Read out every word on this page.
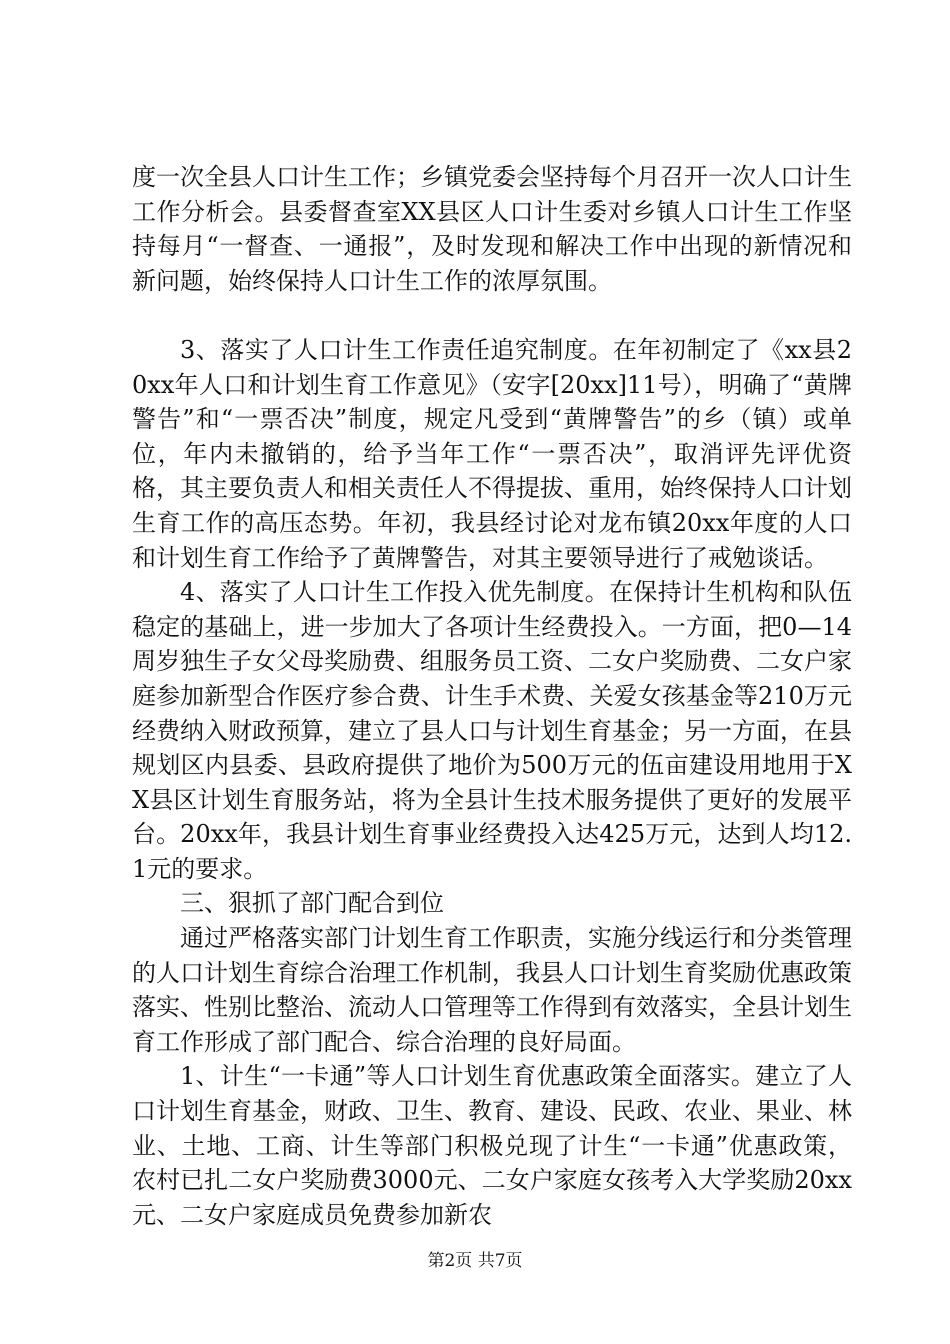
度一次全县人口计生工作；乡镇党委会坚持每个月召开一次人口计生工作分析会。县委督查室XX县区人口计生委对乡镇人口计生工作坚持每月“一督查、一通报”，及时发现和解决工作中出现的新情况和新问题，始终保持人口计生工作的浓厚氛围。

3、落实了人口计生工作责任追究制度。在年初制定了《xx县20xx年人口和计划生育工作意见》（安字[20xx]11号），明确了“黄牌警告”和“一票否决”制度，规定凡受到“黄牌警告”的乡（镇）或单位，年内未撤销的，给予当年工作“一票否决”，取消评先评优资格，其主要负责人和相关责任人不得提拔、重用，始终保持人口计划生育工作的高压态势。年初，我县经讨论对龙布镇20xx年度的人口和计划生育工作给予了黄牌警告，对其主要领导进行了戒勉谈话。

4、落实了人口计生工作投入优先制度。在保持计生机构和队伍稳定的基础上，进一步加大了各项计生经费投入。一方面，把0—14周岁独生子女父母奖励费、组服务员工资、二女户奖励费、二女户家庭参加新型合作医疗参合费、计生手术费、关爱女孩基金等210万元经费纳入财政预算，建立了县人口与计划生育基金；另一方面，在县规划区内县委、县政府提供了地价为500万元的伍亩建设用地用于XX县区计划生育服务站，将为全县计生技术服务提供了更好的发展平台。20xx年，我县计划生育事业经费投入达425万元，达到人均12.1元的要求。

三、狠抓了部门配合到位

通过严格落实部门计划生育工作职责，实施分线运行和分类管理的人口计划生育综合治理工作机制，我县人口计划生育奖励优惠政策落实、性别比整治、流动人口管理等工作得到有效落实，全县计划生育工作形成了部门配合、综合治理的良好局面。

1、计生“一卡通”等人口计划生育优惠政策全面落实。建立了人口计划生育基金，财政、卫生、教育、建设、民政、农业、果业、林业、土地、工商、计生等部门积极兑现了计生“一卡通”优惠政策，农村已扎二女户奖励费3000元、二女户家庭女孩考入大学奖励20xx元、二女户家庭成员免费参加新农

第2页 共7页
